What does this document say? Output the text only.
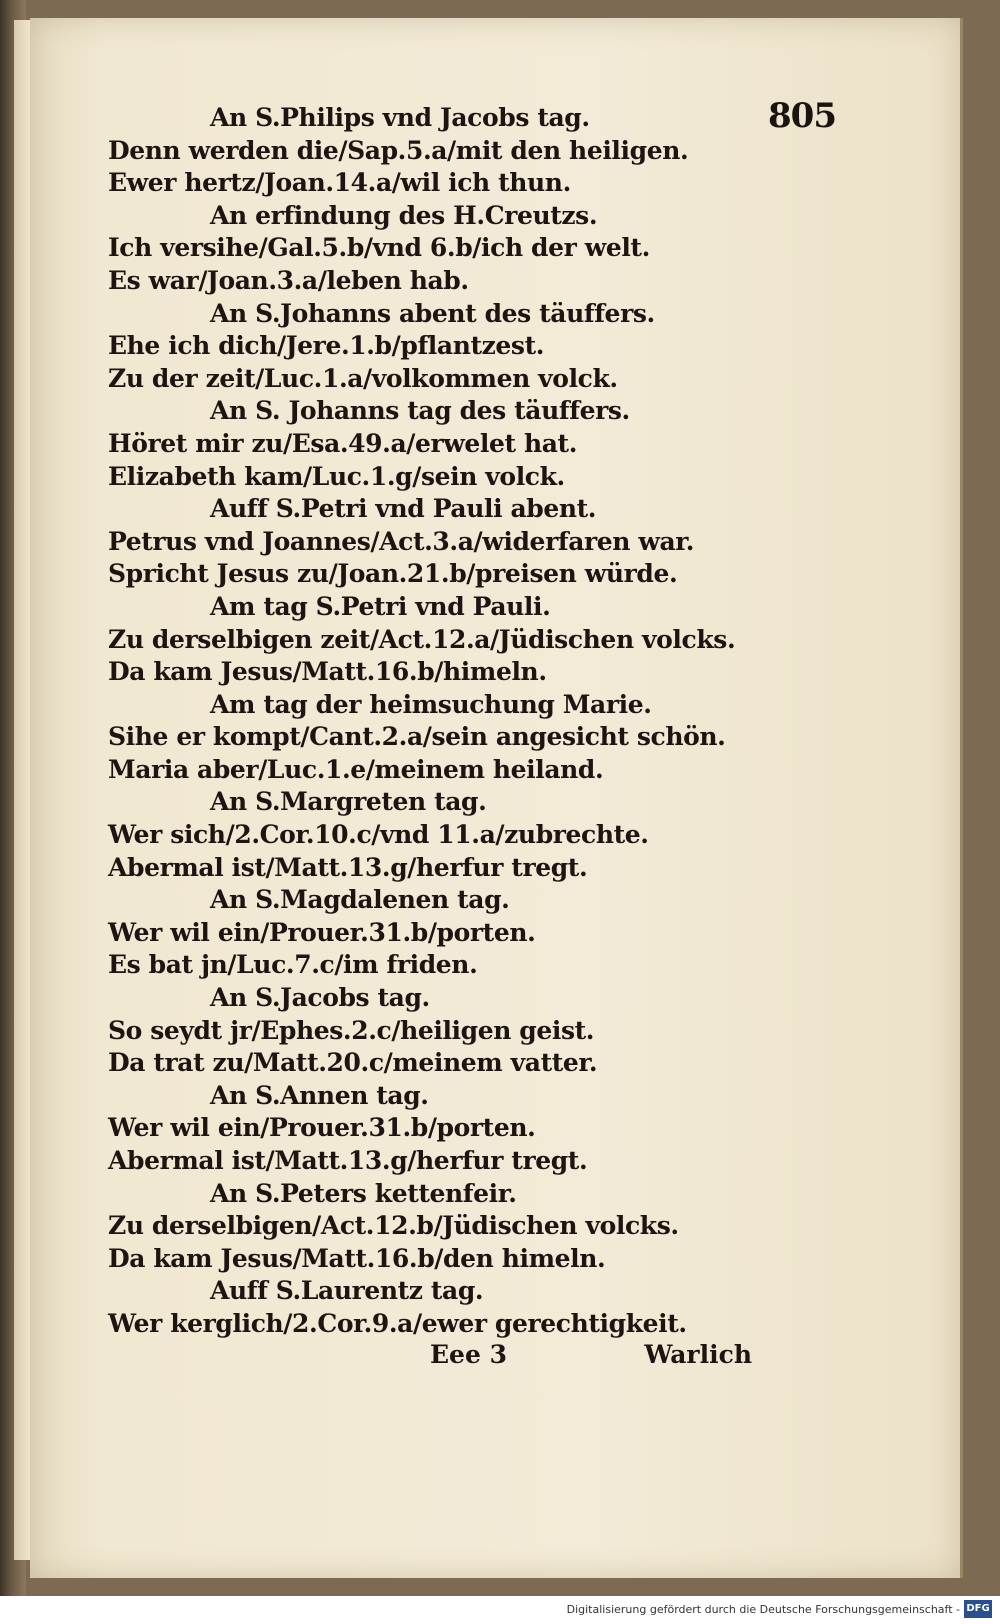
805
An S.Philips vnd Jacobs tag.
Denn werden die/Sap.5.a/mit den heiligen.
Ewer hertz/Joan.14.a/wil ich thun.
An erfindung des H.Creutzs.
Ich versihe/Gal.5.b/vnd 6.b/ich der welt.
Es war/Joan.3.a/leben hab.
An S.Johanns abent des täuffers.
Ehe ich dich/Jere.1.b/pflantzest.
Zu der zeit/Luc.1.a/volkommen volck.
An S. Johanns tag des täuffers.
Höret mir zu/Esa.49.a/erwelet hat.
Elizabeth kam/Luc.1.g/sein volck.
Auff S.Petri vnd Pauli abent.
Petrus vnd Joannes/Act.3.a/widerfaren war.
Spricht Jesus zu/Joan.21.b/preisen würde.
Am tag S.Petri vnd Pauli.
Zu derselbigen zeit/Act.12.a/Jüdischen volcks.
Da kam Jesus/Matt.16.b/himeln.
Am tag der heimsuchung Marie.
Sihe er kompt/Cant.2.a/sein angesicht schön.
Maria aber/Luc.1.e/meinem heiland.
An S.Margreten tag.
Wer sich/2.Cor.10.c/vnd 11.a/zubrechte.
Abermal ist/Matt.13.g/herfur tregt.
An S.Magdalenen tag.
Wer wil ein/Prouer.31.b/porten.
Es bat jn/Luc.7.c/im friden.
An S.Jacobs tag.
So seydt jr/Ephes.2.c/heiligen geist.
Da trat zu/Matt.20.c/meinem vatter.
An S.Annen tag.
Wer wil ein/Prouer.31.b/porten.
Abermal ist/Matt.13.g/herfur tregt.
An S.Peters kettenfeir.
Zu derselbigen/Act.12.b/Jüdischen volcks.
Da kam Jesus/Matt.16.b/den himeln.
Auff S.Laurentz tag.
Wer kerglich/2.Cor.9.a/ewer gerechtigkeit.
Eee 3	Warlich
Digitalisierung gefördert durch die Deutsche Forschungsgemeinschaft - DFG
